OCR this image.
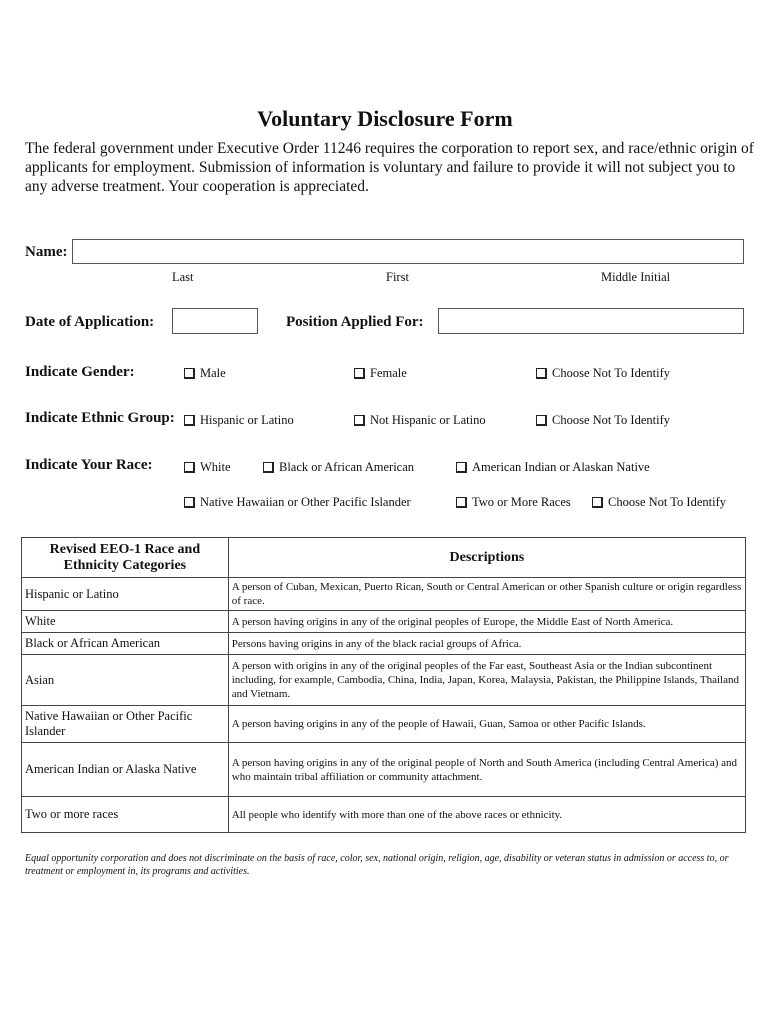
Voluntary Disclosure Form
The federal government under Executive Order 11246 requires the corporation to report sex, and race/ethnic origin of applicants for employment. Submission of information is voluntary and failure to provide it will not subject you to any adverse treatment. Your cooperation is appreciated.
Name:
Last	First	Middle Initial
Date of Application:	Position Applied For:
Indicate Gender:	Male	Female	Choose Not To Identify
Indicate Ethnic Group: Hispanic or Latino	Not Hispanic or Latino	Choose Not To Identify
Indicate Your Race:	White	Black or African American	American Indian or Alaskan Native
Native Hawaiian or Other Pacific Islander	Two or More Races	Choose Not To Identify
Revised EEO-1 Race and Ethnicity Categories	Descriptions
Hispanic or Latino	A person of Cuban, Mexican, Puerto Rican, South or Central American or other Spanish culture or origin regardless of race.
White	A person having origins in any of the original peoples of Europe, the Middle East of North America.
Black or African American	Persons having origins in any of the black racial groups of Africa.
Asian	A person with origins in any of the original peoples of the Far east, Southeast Asia or the Indian subcontinent including, for example, Cambodia, China, India, Japan, Korea, Malaysia, Pakistan, the Philippine Islands, Thailand and Vietnam.
Native Hawaiian or Other Pacific Islander	A person having origins in any of the people of Hawaii, Guan, Samoa or other Pacific Islands.
American Indian or Alaska Native	A person having origins in any of the original people of North and South America (including Central America) and who maintain tribal affiliation or community attachment.
Two or more races	All people who identify with more than one of the above races or ethnicity.
Equal opportunity corporation and does not discriminate on the basis of race, color, sex, national origin, religion, age, disability or veteran status in admission or access to, or treatment or employment in, its programs and activities.
